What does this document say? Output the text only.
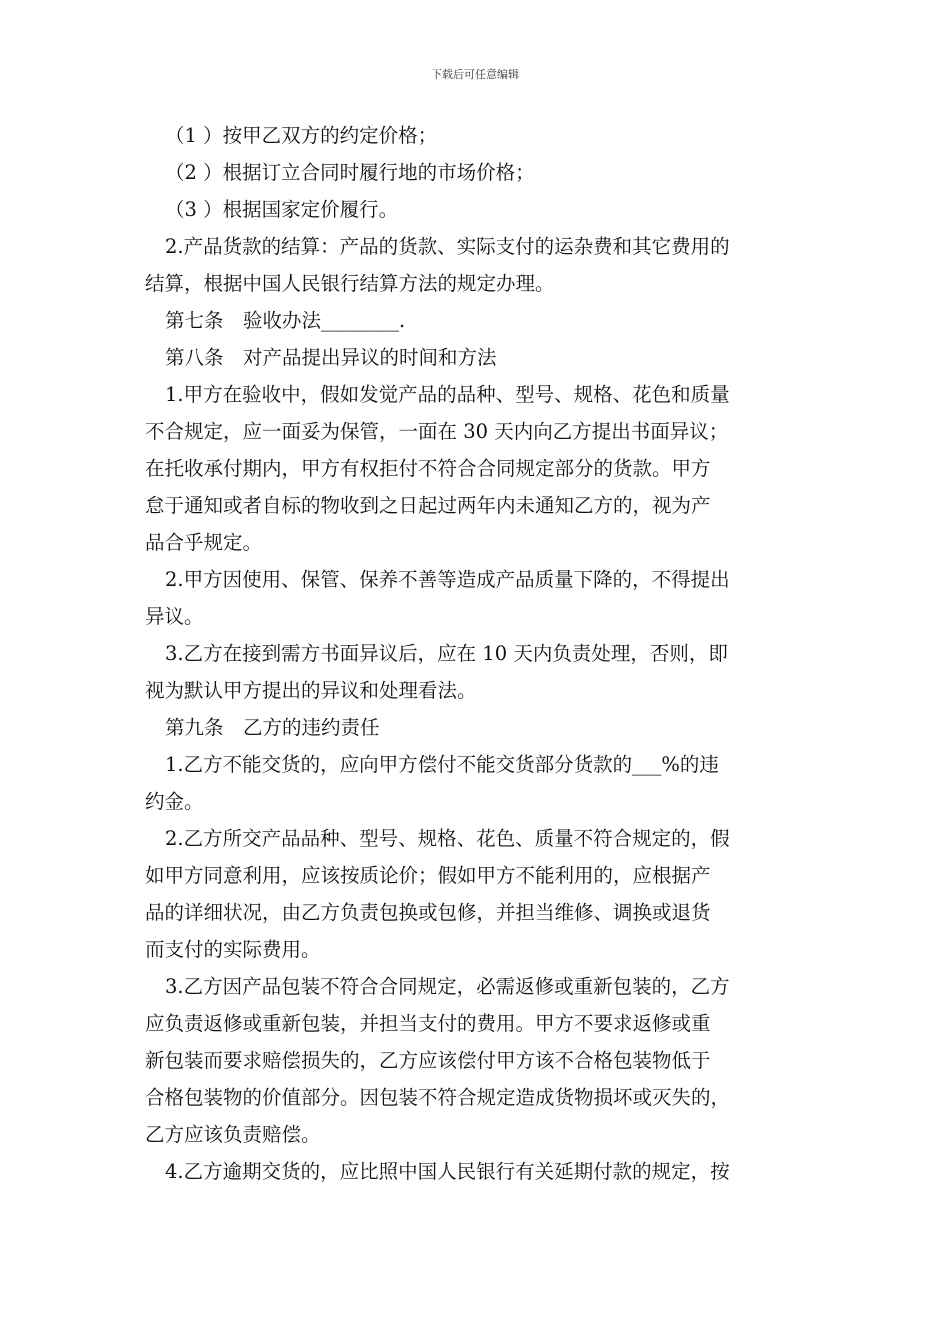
下载后可任意编辑
（1 ）按甲乙双方的约定价格；
（2 ）根据订立合同时履行地的市场价格；
（3 ）根据国家定价履行。
2.产品货款的结算：产品的货款、实际支付的运杂费和其它费用的
结算，根据中国人民银行结算方法的规定办理。
第七条　验收办法________.
第八条　对产品提出异议的时间和方法
1.甲方在验收中，假如发觉产品的品种、型号、规格、花色和质量
不合规定，应一面妥为保管，一面在 30 天内向乙方提出书面异议；
在托收承付期内，甲方有权拒付不符合合同规定部分的货款。甲方
怠于通知或者自标的物收到之日起过两年内未通知乙方的，视为产
品合乎规定。
2.甲方因使用、保管、保养不善等造成产品质量下降的，不得提出
异议。
3.乙方在接到需方书面异议后，应在 10 天内负责处理，否则，即
视为默认甲方提出的异议和处理看法。
第九条　乙方的违约责任
1.乙方不能交货的，应向甲方偿付不能交货部分货款的___%的违
约金。
2.乙方所交产品品种、型号、规格、花色、质量不符合规定的，假
如甲方同意利用，应该按质论价；假如甲方不能利用的，应根据产
品的详细状况，由乙方负责包换或包修，并担当维修、调换或退货
而支付的实际费用。
3.乙方因产品包装不符合合同规定，必需返修或重新包装的，乙方
应负责返修或重新包装，并担当支付的费用。甲方不要求返修或重
新包装而要求赔偿损失的，乙方应该偿付甲方该不合格包装物低于
合格包装物的价值部分。因包装不符合规定造成货物损坏或灭失的，
乙方应该负责赔偿。
4.乙方逾期交货的，应比照中国人民银行有关延期付款的规定，按
